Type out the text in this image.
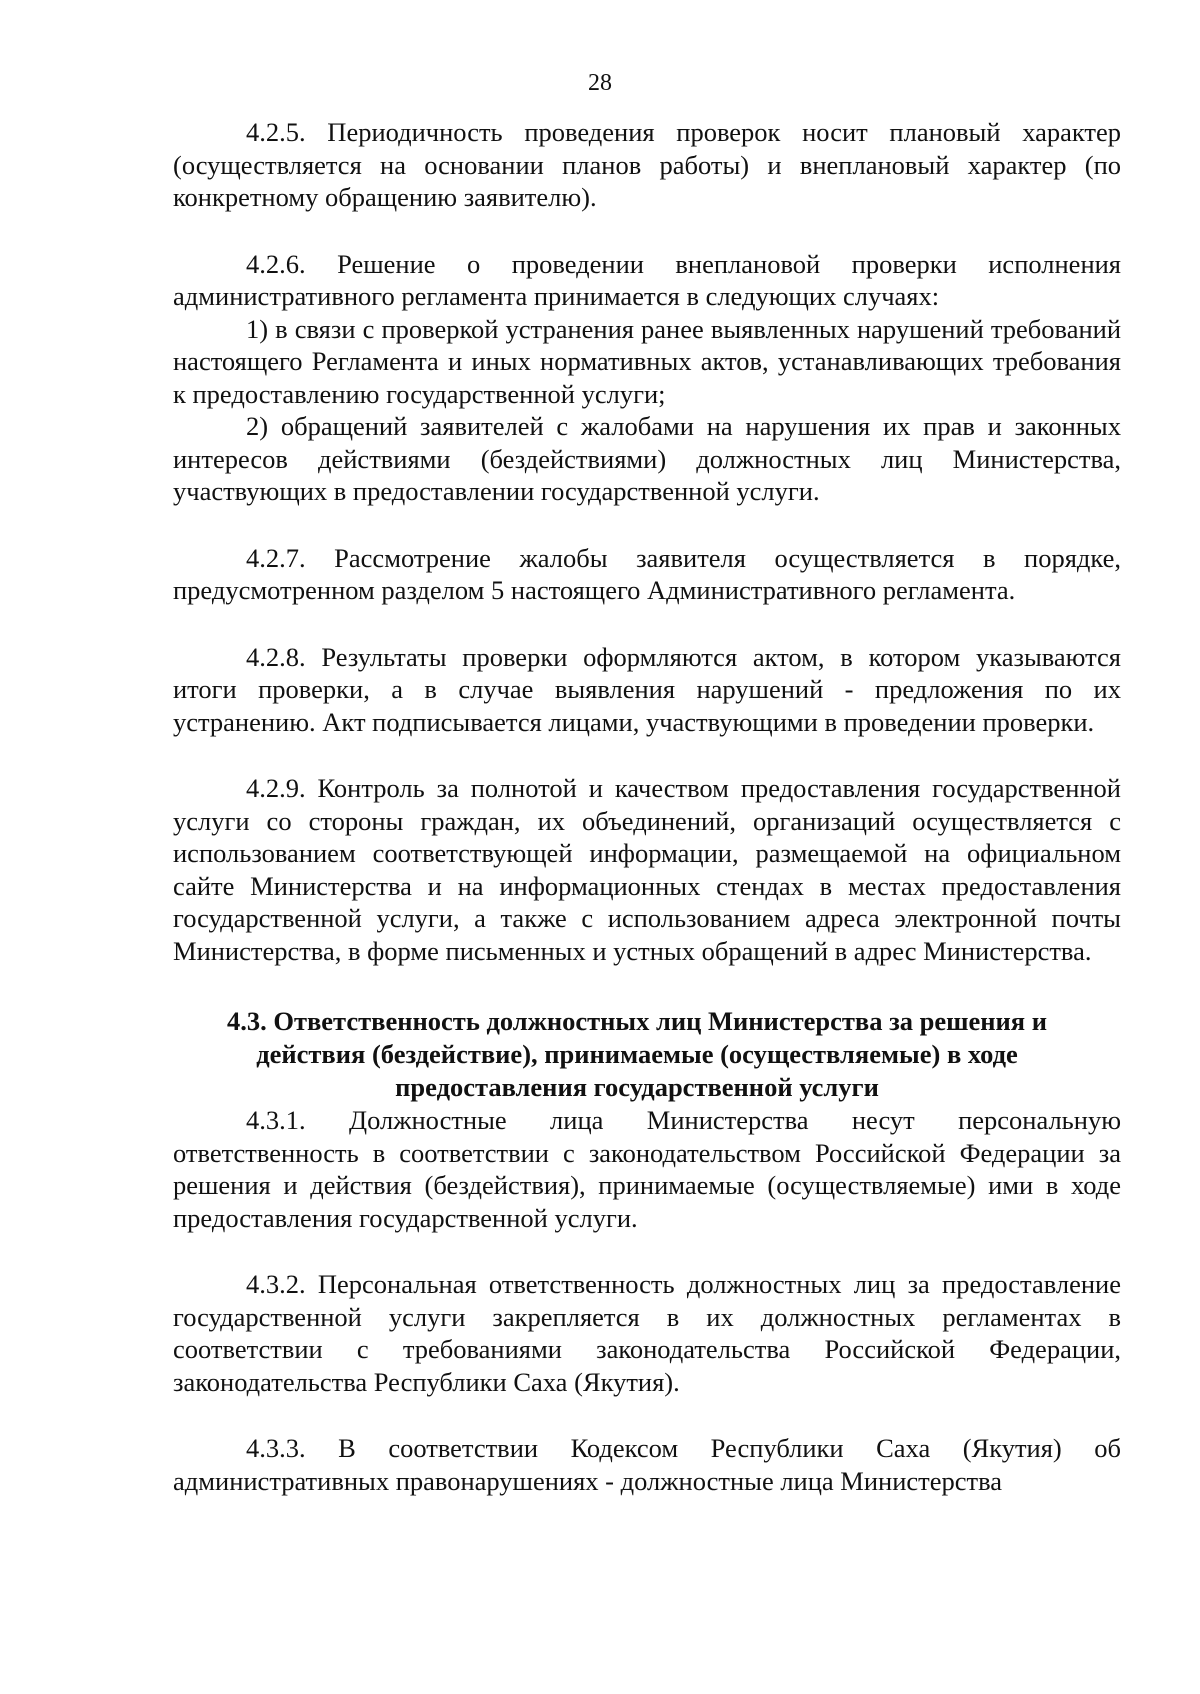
28

4.2.5. Периодичность проведения проверок носит плановый характер (осуществляется на основании планов работы) и внеплановый характер (по конкретному обращению заявителю).

4.2.6. Решение о проведении внеплановой проверки исполнения административного регламента принимается в следующих случаях:

1) в связи с проверкой устранения ранее выявленных нарушений требований настоящего Регламента и иных нормативных актов, устанавливающих требования к предоставлению государственной услуги;

2) обращений заявителей с жалобами на нарушения их прав и законных интересов действиями (бездействиями) должностных лиц Министерства, участвующих в предоставлении государственной услуги.

4.2.7. Рассмотрение жалобы заявителя осуществляется в порядке, предусмотренном разделом 5 настоящего Административного регламента.

4.2.8. Результаты проверки оформляются актом, в котором указываются итоги проверки, а в случае выявления нарушений - предложения по их устранению. Акт подписывается лицами, участвующими в проведении проверки.

4.2.9. Контроль за полнотой и качеством предоставления государственной услуги со стороны граждан, их объединений, организаций осуществляется с использованием соответствующей информации, размещаемой на официальном сайте Министерства и на информационных стендах в местах предоставления государственной услуги, а также с использованием адреса электронной почты Министерства, в форме письменных и устных обращений в адрес Министерства.

4.3. Ответственность должностных лиц Министерства за решения и
действия (бездействие), принимаемые (осуществляемые) в ходе
предоставления государственной услуги

4.3.1. Должностные лица Министерства несут персональную ответственность в соответствии с законодательством Российской Федерации за решения и действия (бездействия), принимаемые (осуществляемые) ими в ходе предоставления государственной услуги.

4.3.2. Персональная ответственность должностных лиц за предоставление государственной услуги закрепляется в их должностных регламентах в соответствии с требованиями законодательства Российской Федерации, законодательства Республики Саха (Якутия).

4.3.3. В соответствии Кодексом Республики Саха (Якутия) об административных правонарушениях - должностные лица Министерства
